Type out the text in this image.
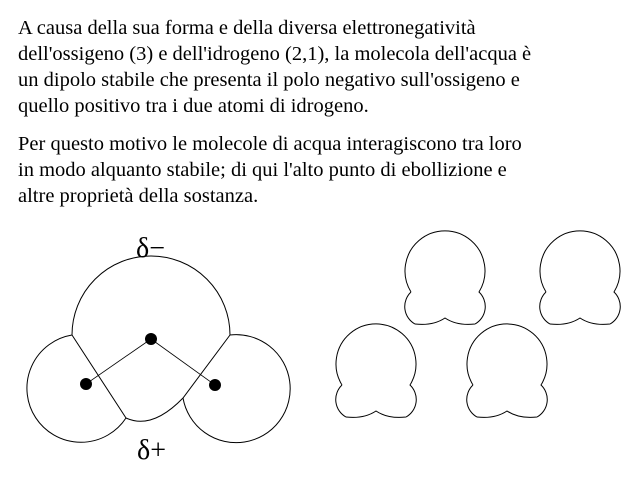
A causa della sua forma e della diversa elettronegatività
dell'ossigeno (3) e dell'idrogeno (2,1), la molecola dell'acqua è
un dipolo stabile che presenta il polo negativo sull'ossigeno e
quello positivo tra i due atomi di idrogeno.
Per questo motivo le molecole di acqua interagiscono tra loro
in modo alquanto stabile; di qui l'alto punto di ebollizione e
altre proprietà della sostanza.
δ−
δ+
